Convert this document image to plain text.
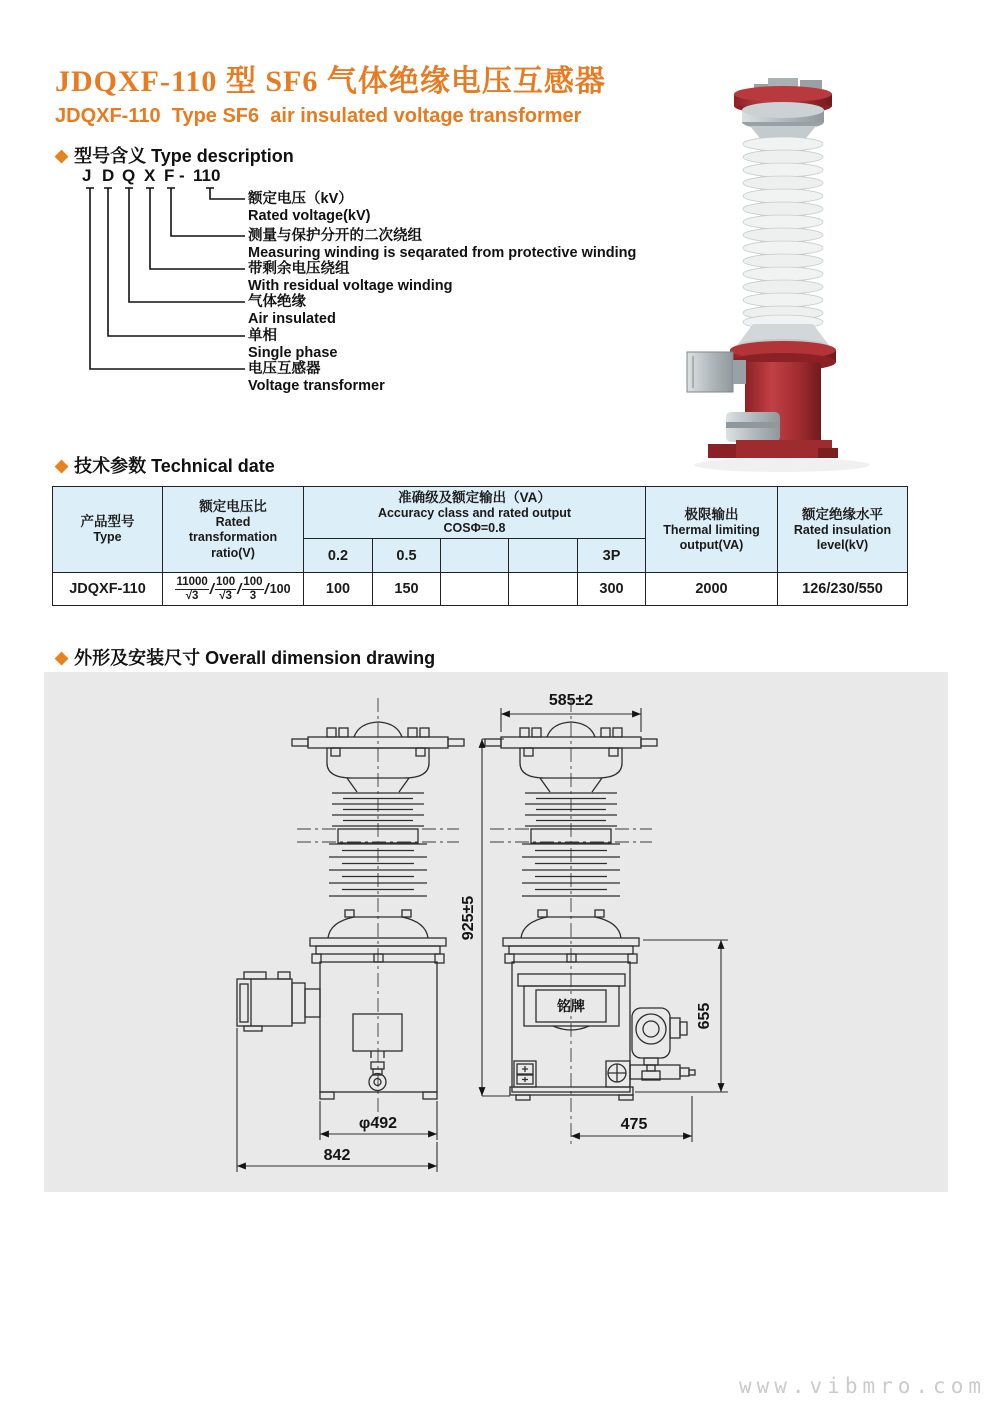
JDQXF-110 型 SF6 气体绝缘电压互感器
JDQXF-110  Type SF6  air insulated voltage transformer
◆ 型号含义 Type description
J D Q X F - 110
额定电压（kV）
Rated voltage(kV)
测量与保护分开的二次绕组
Measuring winding is seqarated from protective winding
带剩余电压绕组
With residual voltage winding
气体绝缘
Air insulated
单相
Single phase
电压互感器
Voltage transformer
◆ 技术参数 Technical date
产品型号
Type

额定电压比
Rated
transformation
ratio(V)

准确级及额定输出（VA）
Accuracy class and rated output
COSΦ=0.8

极限输出
Thermal limiting
output(VA)

额定绝缘水平
Rated insulation
level(kV)

		0.2	0.5			3P		
JDQXF-110	$\frac{11000}{√3} / \frac{100}{√3} / \frac{100}{3} /100$	100	150			300	2000	126/230/550
◆ 外形及安装尺寸 Overall dimension drawing
585±2
925±5
655
铭牌
φ492
842
475
www.vibmro.com
